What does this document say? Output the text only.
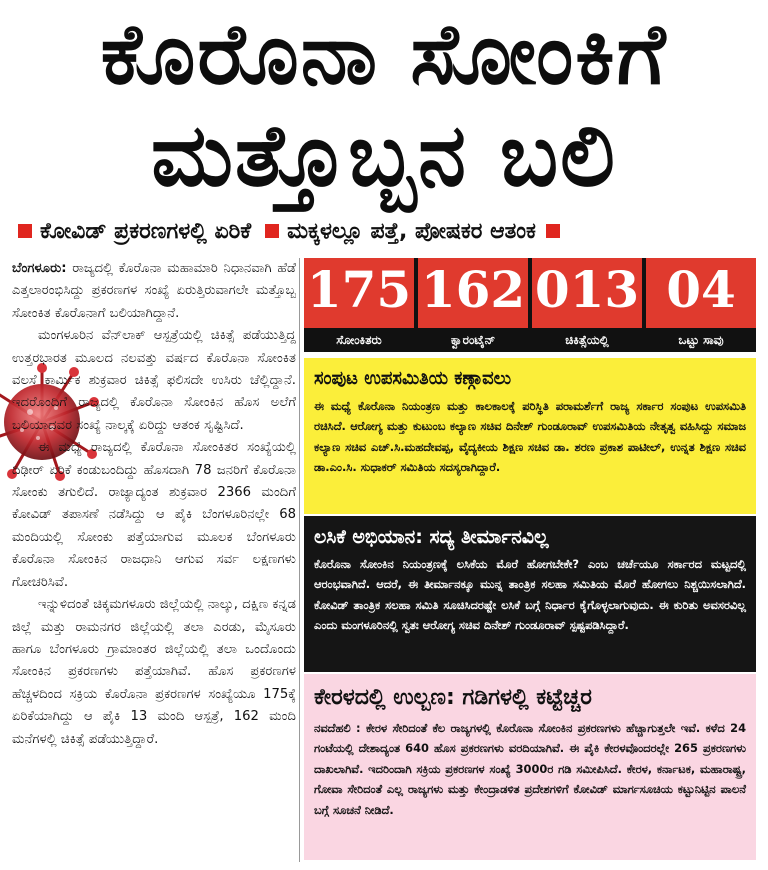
ಕೊರೊನಾ ಸೋಂಕಿಗೆ
ಮತ್ತೊಬ್ಬನ ಬಲಿ
ಕೋವಿಡ್ ಪ್ರಕರಣಗಳಲ್ಲಿ ಏರಿಕೆ ಮಕ್ಕಳಲ್ಲೂ ಪತ್ತೆ, ಪೋಷಕರ ಆತಂಕ

ಬೆಂಗಳೂರು: ರಾಜ್ಯದಲ್ಲಿ ಕೊರೊನಾ ಮಹಾಮಾರಿ ನಿಧಾನವಾಗಿ ಹೆಡೆ ಎತ್ತಲಾರಂಭಿಸಿದ್ದು ಪ್ರಕರಣಗಳ ಸಂಖ್ಯೆ ಏರುತ್ತಿರುವಾಗಲೇ ಮತ್ತೊಬ್ಬ ಸೋಂಕಿತ ಕೊರೊನಾಗೆ ಬಲಿಯಾಗಿದ್ದಾನೆ.

ಮಂಗಳೂರಿನ ವೆನ್‌ಲಾಕ್ ಆಸ್ಪತ್ರೆಯಲ್ಲಿ ಚಿಕಿತ್ಸೆ ಪಡೆಯುತ್ತಿದ್ದ ಉತ್ತರಭಾರತ ಮೂಲದ ನಲವತ್ತು ವರ್ಷದ ಕೊರೊನಾ ಸೋಂಕಿತ ವಲಸೆ ಕಾರ್ಮಿಕ ಶುಕ್ರವಾರ ಚಿಕಿತ್ಸೆ ಫಲಿಸದೇ ಉಸಿರು ಚೆಲ್ಲಿದ್ದಾನೆ. ಇದರೊಂದಿಗೆ ರಾಜ್ಯದಲ್ಲಿ ಕೊರೊನಾ ಸೋಂಕಿನ ಹೊಸ ಅಲೆಗೆ ಬಲಿಯಾದವರ ಸಂಖ್ಯೆ ನಾಲ್ಕಕ್ಕೆ ಏರಿದ್ದು ಆತಂಕ ಸೃಷ್ಟಿಸಿದೆ.

ಈ ಮಧ್ಯೆ ರಾಜ್ಯದಲ್ಲಿ ಕೊರೊನಾ ಸೋಂಕಿತರ ಸಂಖ್ಯೆಯಲ್ಲಿ ದಿಢೀರ್ ಏರಿಕೆ ಕಂಡುಬಂದಿದ್ದು ಹೊಸದಾಗಿ 78 ಜನರಿಗೆ ಕೊರೊನಾ ಸೋಂಕು ತಗುಲಿದೆ. ರಾಜ್ಯಾದ್ಯಂತ ಶುಕ್ರವಾರ 2366 ಮಂದಿಗೆ ಕೋವಿಡ್ ತಪಾಸಣೆ ನಡೆಸಿದ್ದು ಆ ಪೈಕಿ ಬೆಂಗಳೂರಿನಲ್ಲೇ 68 ಮಂದಿಯಲ್ಲಿ ಸೋಂಕು ಪತ್ತೆಯಾಗುವ ಮೂಲಕ ಬೆಂಗಳೂರು ಕೊರೊನಾ ಸೋಂಕಿನ ರಾಜಧಾನಿ ಆಗುವ ಸರ್ವ ಲಕ್ಷಣಗಳು ಗೋಚರಿಸಿವೆ.

ಇನ್ನುಳಿದಂತೆ ಚಿಕ್ಕಮಗಳೂರು ಜಿಲ್ಲೆಯಲ್ಲಿ ನಾಲ್ಕು, ದಕ್ಷಿಣ ಕನ್ನಡ ಜಿಲ್ಲೆ ಮತ್ತು ರಾಮನಗರ ಜಿಲ್ಲೆಯಲ್ಲಿ ತಲಾ ಎರಡು, ಮೈಸೂರು ಹಾಗೂ ಬೆಂಗಳೂರು ಗ್ರಾಮಾಂತರ ಜಿಲ್ಲೆಯಲ್ಲಿ ತಲಾ ಒಂದೊಂದು ಸೋಂಕಿನ ಪ್ರಕರಣಗಳು ಪತ್ತೆಯಾಗಿವೆ. ಹೊಸ ಪ್ರಕರಣಗಳ ಹೆಚ್ಚಳದಿಂದ ಸಕ್ರಿಯ ಕೊರೊನಾ ಪ್ರಕರಣಗಳ ಸಂಖ್ಯೆಯೂ 175ಕ್ಕೆ ಏರಿಕೆಯಾಗಿದ್ದು ಆ ಪೈಕಿ 13 ಮಂದಿ ಆಸ್ಪತ್ರೆ, 162 ಮಂದಿ ಮನೆಗಳಲ್ಲಿ ಚಿಕಿತ್ಸೆ ಪಡೆಯುತ್ತಿದ್ದಾರೆ.

175
ಸೋಂಕಿತರು
162
ಕ್ವಾರಂಟೈನ್
013
ಚಿಕಿತ್ಸೆಯಲ್ಲಿ
04
ಒಟ್ಟು ಸಾವು
ಸಂಪುಟ ಉಪಸಮಿತಿಯ ಕಣ್ಗಾವಲು
ಈ ಮಧ್ಯೆ ಕೊರೊನಾ ನಿಯಂತ್ರಣ ಮತ್ತು ಕಾಲಕಾಲಕ್ಕೆ ಪರಿಸ್ಥಿತಿ ಪರಾಮರ್ಶೆಗೆ ರಾಜ್ಯ ಸರ್ಕಾರ ಸಂಪುಟ ಉಪಸಮಿತಿ ರಚಿಸಿದೆ. ಆರೋಗ್ಯ ಮತ್ತು ಕುಟುಂಬ ಕಲ್ಯಾಣ ಸಚಿವ ದಿನೇಶ್ ಗುಂಡೂರಾವ್ ಉಪಸಮಿತಿಯ ನೇತೃತ್ವ ವಹಿಸಿದ್ದು ಸಮಾಜ ಕಲ್ಯಾಣ ಸಚಿವ ಎಚ್.ಸಿ.ಮಹದೇವಪ್ಪ, ವೈದ್ಯಕೀಯ ಶಿಕ್ಷಣ ಸಚಿವ ಡಾ. ಶರಣ ಪ್ರಕಾಶ ಪಾಟೀಲ್, ಉನ್ನತ ಶಿಕ್ಷಣ ಸಚಿವ ಡಾ.ಎಂ.ಸಿ. ಸುಧಾಕರ್ ಸಮಿತಿಯ ಸದಸ್ಯರಾಗಿದ್ದಾರೆ.
ಲಸಿಕೆ ಅಭಿಯಾನ: ಸದ್ಯ ತೀರ್ಮಾನವಿಲ್ಲ
ಕೊರೊನಾ ಸೋಂಕಿನ ನಿಯಂತ್ರಣಕ್ಕೆ ಲಸಿಕೆಯ ಮೊರೆ ಹೋಗಬೇಕೇ? ಎಂಬ ಚರ್ಚೆಯೂ ಸರ್ಕಾರದ ಮಟ್ಟದಲ್ಲಿ ಆರಂಭವಾಗಿದೆ. ಆದರೆ, ಈ ತೀರ್ಮಾನಕ್ಕೂ ಮುನ್ನ ತಾಂತ್ರಿಕ ಸಲಹಾ ಸಮಿತಿಯ ಮೊರೆ ಹೋಗಲು ನಿಶ್ಚಯಿಸಲಾಗಿದೆ. ಕೋವಿಡ್ ತಾಂತ್ರಿಕ ಸಲಹಾ ಸಮಿತಿ ಸೂಚಿಸಿದರಷ್ಟೇ ಲಸಿಕೆ ಬಗ್ಗೆ ನಿರ್ಧಾರ ಕೈಗೊಳ್ಳಲಾಗುವುದು. ಈ ಕುರಿತು ಅವಸರವಿಲ್ಲ ಎಂದು ಮಂಗಳೂರಿನಲ್ಲಿ ಸ್ವತಃ ಆರೋಗ್ಯ ಸಚಿವ ದಿನೇಶ್ ಗುಂಡೂರಾವ್ ಸ್ಪಷ್ಟಪಡಿಸಿದ್ದಾರೆ.
ಕೇರಳದಲ್ಲಿ ಉಲ್ಬಣ: ಗಡಿಗಳಲ್ಲಿ ಕಟ್ಟೆಚ್ಚರ
ನವದೆಹಲಿ : ಕೇರಳ ಸೇರಿದಂತೆ ಕೆಲ ರಾಜ್ಯಗಳಲ್ಲಿ ಕೊರೊನಾ ಸೋಂಕಿನ ಪ್ರಕರಣಗಳು ಹೆಚ್ಚಾಗುತ್ತಲೇ ಇವೆ. ಕಳೆದ 24 ಗಂಟೆಯಲ್ಲಿ ದೇಶಾದ್ಯಂತ 640 ಹೊಸ ಪ್ರಕರಣಗಳು ವರದಿಯಾಗಿವೆ. ಈ ಪೈಕಿ ಕೇರಳವೊಂದರಲ್ಲೇ 265 ಪ್ರಕರಣಗಳು ದಾಖಲಾಗಿವೆ. ಇದರಿಂದಾಗಿ ಸಕ್ರಿಯ ಪ್ರಕರಣಗಳ ಸಂಖ್ಯೆ 3000ರ ಗಡಿ ಸಮೀಪಿಸಿದೆ. ಕೇರಳ, ಕರ್ನಾಟಕ, ಮಹಾರಾಷ್ಟ್ರ, ಗೋವಾ ಸೇರಿದಂತೆ ಎಲ್ಲ ರಾಜ್ಯಗಳು ಮತ್ತು ಕೇಂದ್ರಾಡಳಿತ ಪ್ರದೇಶಗಳಿಗೆ ಕೋವಿಡ್ ಮಾರ್ಗಸೂಚಿಯ ಕಟ್ಟುನಿಟ್ಟಿನ ಪಾಲನೆ ಬಗ್ಗೆ ಸೂಚನೆ ನೀಡಿದೆ.
